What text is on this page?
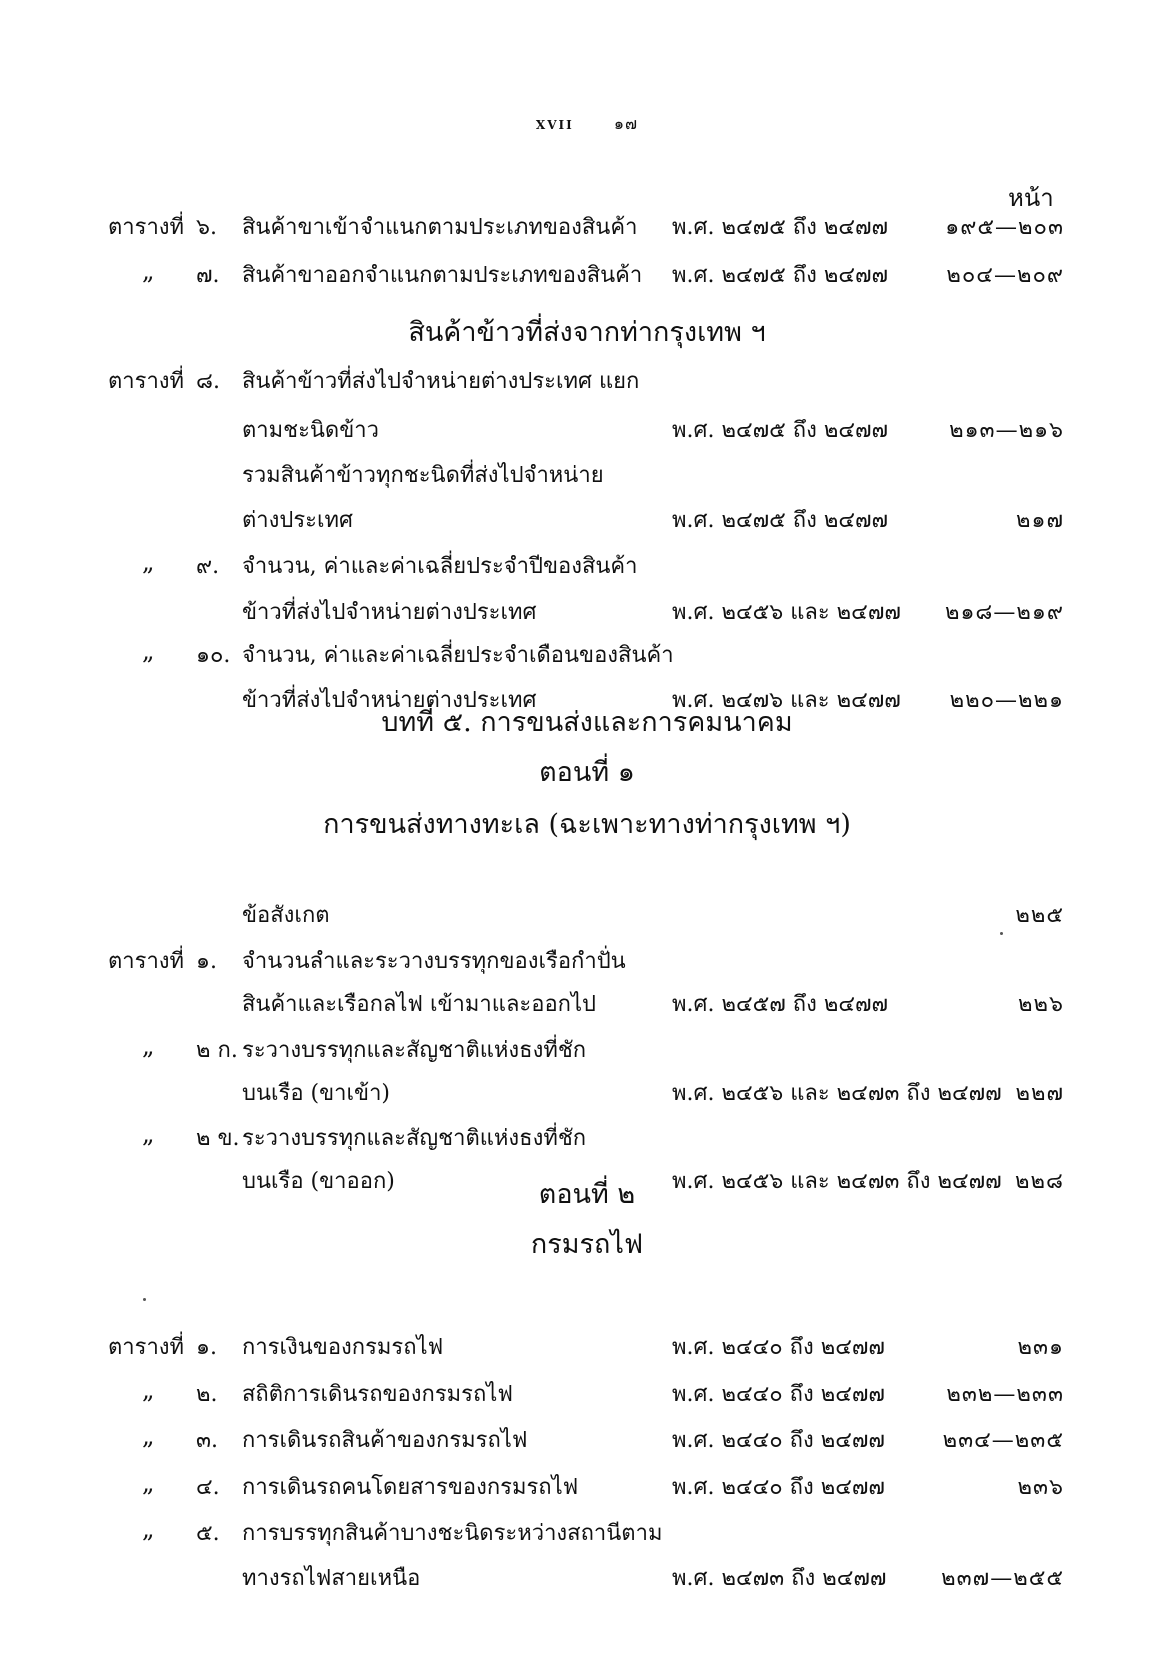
XVII	๑๗
หน้า
สินค้าข้าวที่ส่งจากท่ากรุงเทพ ฯ
บทที่ ๕. การขนส่งและการคมนาคม
ตอนที่ ๑
การขนส่งทางทะเล (ฉะเพาะทางท่ากรุงเทพ ฯ)
ตอนที่ ๒
กรมรถไฟ
ตารางที่ ๖. สินค้าขาเข้าจำแนกตามประเภทของสินค้า พ.ศ. ๒๔๗๕ ถึง ๒๔๗๗	๑๙๕—๒๐๓
„ ๗. สินค้าขาออกจำแนกตามประเภทของสินค้า พ.ศ. ๒๔๗๕ ถึง ๒๔๗๗	๒๐๔—๒๐๙
ตารางที่ ๘. สินค้าข้าวที่ส่งไปจำหน่ายต่างประเทศ แยก
ตามชะนิดข้าว	พ.ศ. ๒๔๗๕ ถึง ๒๔๗๗	๒๑๓—๒๑๖
รวมสินค้าข้าวทุกชะนิดที่ส่งไปจำหน่าย
ต่างประเทศ	พ.ศ. ๒๔๗๕ ถึง ๒๔๗๗	๒๑๗
„ ๙. จำนวน, ค่าและค่าเฉลี่ยประจำปีของสินค้า
ข้าวที่ส่งไปจำหน่ายต่างประเทศ	พ.ศ. ๒๔๕๖ และ ๒๔๗๗ ๒๑๘—๒๑๙
„ ๑๐. จำนวน, ค่าและค่าเฉลี่ยประจำเดือนของสินค้า
ข้าวที่ส่งไปจำหน่ายต่างประเทศ	พ.ศ. ๒๔๗๖ และ ๒๔๗๗ ๒๒๐—๒๒๑
ข้อสังเกต	๒๒๕
ตารางที่ ๑. จำนวนลำและระวางบรรทุกของเรือกำปั่น
สินค้าและเรือกลไฟ เข้ามาและออกไป	พ.ศ. ๒๔๕๗ ถึง ๒๔๗๗	๒๒๖
„ ๒ ก. ระวางบรรทุกและสัญชาติแห่งธงที่ชัก
บนเรือ (ขาเข้า)	พ.ศ. ๒๔๕๖ และ ๒๔๗๓ ถึง ๒๔๗๗ ๒๒๗
„ ๒ ข. ระวางบรรทุกและสัญชาติแห่งธงที่ชัก
บนเรือ (ขาออก)	พ.ศ. ๒๔๕๖ และ ๒๔๗๓ ถึง ๒๔๗๗ ๒๒๘
ตารางที่ ๑. การเงินของกรมรถไฟ	พ.ศ. ๒๔๔๐ ถึง ๒๔๗๗	๒๓๑
„ ๒. สถิติการเดินรถของกรมรถไฟ	พ.ศ. ๒๔๔๐ ถึง ๒๔๗๗	๒๓๒—๒๓๓
„ ๓. การเดินรถสินค้าของกรมรถไฟ	พ.ศ. ๒๔๔๐ ถึง ๒๔๗๗	๒๓๔—๒๓๕
„ ๔. การเดินรถคนโดยสารของกรมรถไฟ	พ.ศ. ๒๔๔๐ ถึง ๒๔๗๗	๒๓๖
„ ๕. การบรรทุกสินค้าบางชะนิดระหว่างสถานีตาม
ทางรถไฟสายเหนือ	พ.ศ. ๒๔๗๓ ถึง ๒๔๗๗ ๒๓๗—๒๕๕
